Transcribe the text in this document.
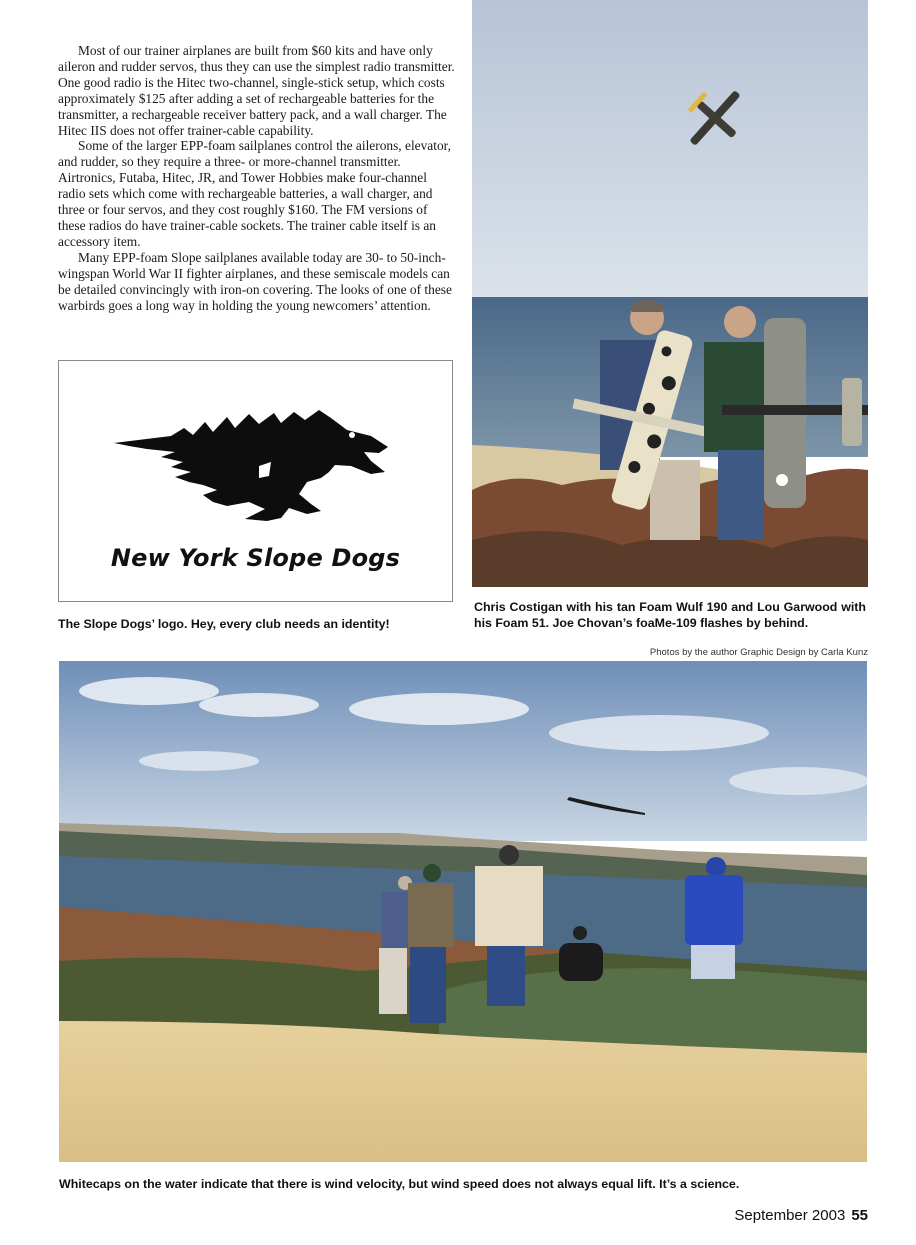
Most of our trainer airplanes are built from $60 kits and have only aileron and rudder servos, thus they can use the simplest radio transmitter. One good radio is the Hitec two-channel, single-stick setup, which costs approximately $125 after adding a set of rechargeable batteries for the transmitter, a rechargeable receiver battery pack, and a wall charger. The Hitec IIS does not offer trainer-cable capability.

Some of the larger EPP-foam sailplanes control the ailerons, elevator, and rudder, so they require a three- or more-channel transmitter. Airtronics, Futaba, Hitec, JR, and Tower Hobbies make four-channel radio sets which come with rechargeable batteries, a wall charger, and three or four servos, and they cost roughly $160. The FM versions of these radios do have trainer-cable sockets. The trainer cable itself is an accessory item.

Many EPP-foam Slope sailplanes available today are 30- to 50-inch-wingspan World War II fighter airplanes, and these semiscale models can be detailed convincingly with iron-on covering. The looks of one of these warbirds goes a long way in holding the young newcomers’ attention.

New York Slope Dogs
The Slope Dogs’ logo. Hey, every club needs an identity!
Chris Costigan with his tan Foam Wulf 190 and Lou Garwood with his Foam 51. Joe Chovan’s foaMe-109 flashes by behind.
Photos by the author Graphic Design by Carla Kunz
Whitecaps on the water indicate that there is wind velocity, but wind speed does not always equal lift. It’s a science.
September 2003 55
